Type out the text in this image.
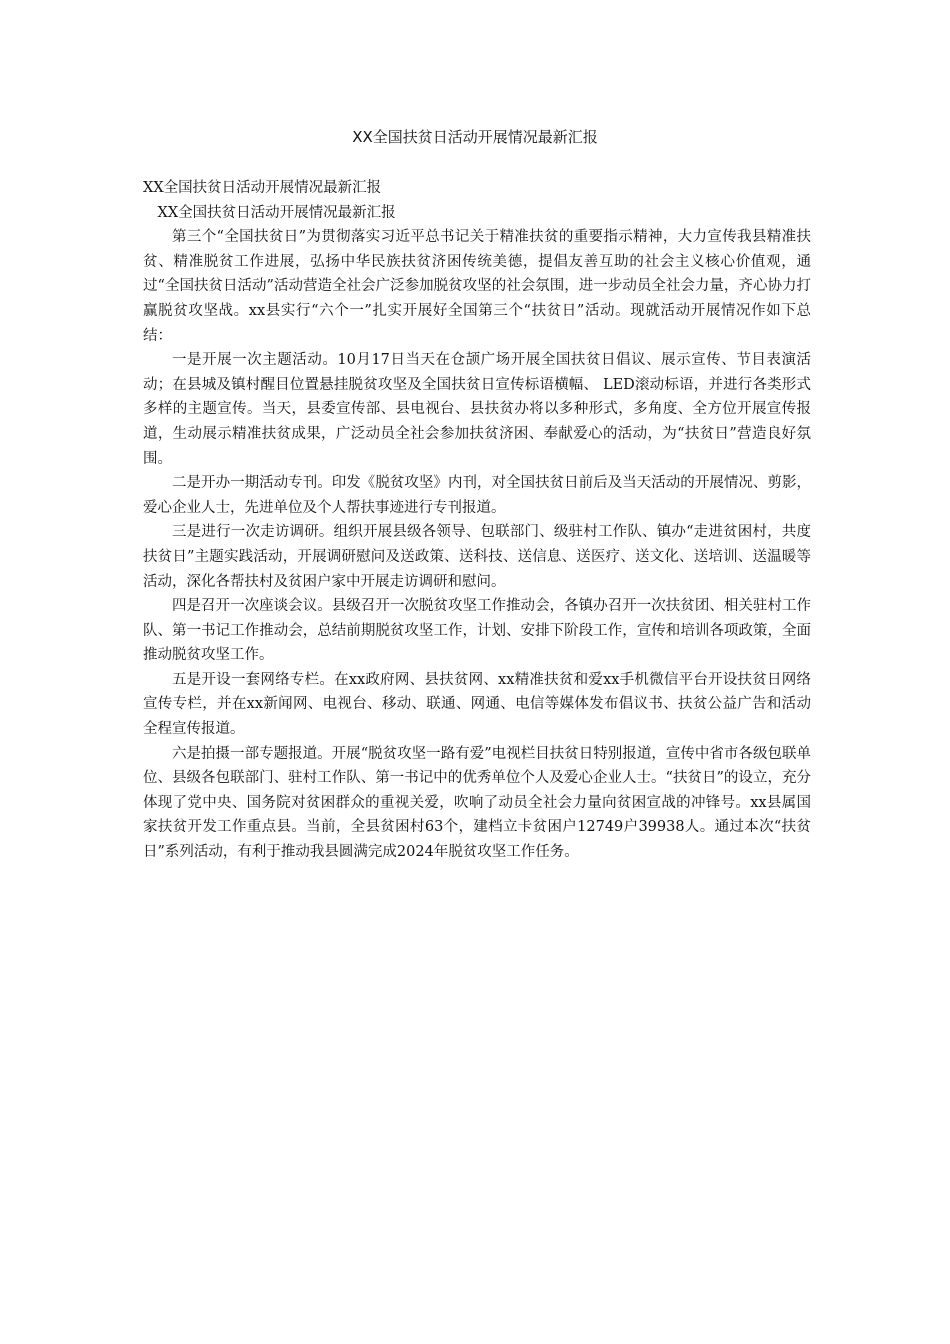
XX全国扶贫日活动开展情况最新汇报

XX全国扶贫日活动开展情况最新汇报

XX全国扶贫日活动开展情况最新汇报

第三个“全国扶贫日”为贯彻落实习近平总书记关于精准扶贫的重要指示精神，大力宣传我县精准扶贫、精准脱贫工作进展，弘扬中华民族扶贫济困传统美德，提倡友善互助的社会主义核心价值观，通过“全国扶贫日活动”活动营造全社会广泛参加脱贫攻坚的社会氛围，进一步动员全社会力量，齐心协力打赢脱贫攻坚战。xx县实行“六个一”扎实开展好全国第三个“扶贫日”活动。现就活动开展情况作如下总结：

一是开展一次主题活动。10月17日当天在仓颉广场开展全国扶贫日倡议、展示宣传、节目表演活动；在县城及镇村醒目位置悬挂脱贫攻坚及全国扶贫日宣传标语横幅、 LED滚动标语，并进行各类形式多样的主题宣传。当天，县委宣传部、县电视台、县扶贫办将以多种形式，多角度、全方位开展宣传报道，生动展示精准扶贫成果，广泛动员全社会参加扶贫济困、奉献爱心的活动，为“扶贫日”营造良好氛围。

二是开办一期活动专刊。印发《脱贫攻坚》内刊，对全国扶贫日前后及当天活动的开展情况、剪影，爱心企业人士，先进单位及个人帮扶事迹进行专刊报道。

三是进行一次走访调研。组织开展县级各领导、包联部门、级驻村工作队、镇办“走进贫困村，共度扶贫日”主题实践活动，开展调研慰问及送政策、送科技、送信息、送医疗、送文化、送培训、送温暖等活动，深化各帮扶村及贫困户家中开展走访调研和慰问。

四是召开一次座谈会议。县级召开一次脱贫攻坚工作推动会，各镇办召开一次扶贫团、相关驻村工作队、第一书记工作推动会，总结前期脱贫攻坚工作，计划、安排下阶段工作，宣传和培训各项政策，全面推动脱贫攻坚工作。

五是开设一套网络专栏。在xx政府网、县扶贫网、xx精准扶贫和爱xx手机微信平台开设扶贫日网络宣传专栏，并在xx新闻网、电视台、移动、联通、网通、电信等媒体发布倡议书、扶贫公益广告和活动全程宣传报道。

六是拍摄一部专题报道。开展“脱贫攻坚一路有爱”电视栏目扶贫日特别报道，宣传中省市各级包联单位、县级各包联部门、驻村工作队、第一书记中的优秀单位个人及爱心企业人士。“扶贫日”的设立，充分体现了党中央、国务院对贫困群众的重视关爱，吹响了动员全社会力量向贫困宣战的冲锋号。xx县属国家扶贫开发工作重点县。当前，全县贫困村63个，建档立卡贫困户12749户39938人。通过本次“扶贫日”系列活动，有利于推动我县圆满完成2024年脱贫攻坚工作任务。
